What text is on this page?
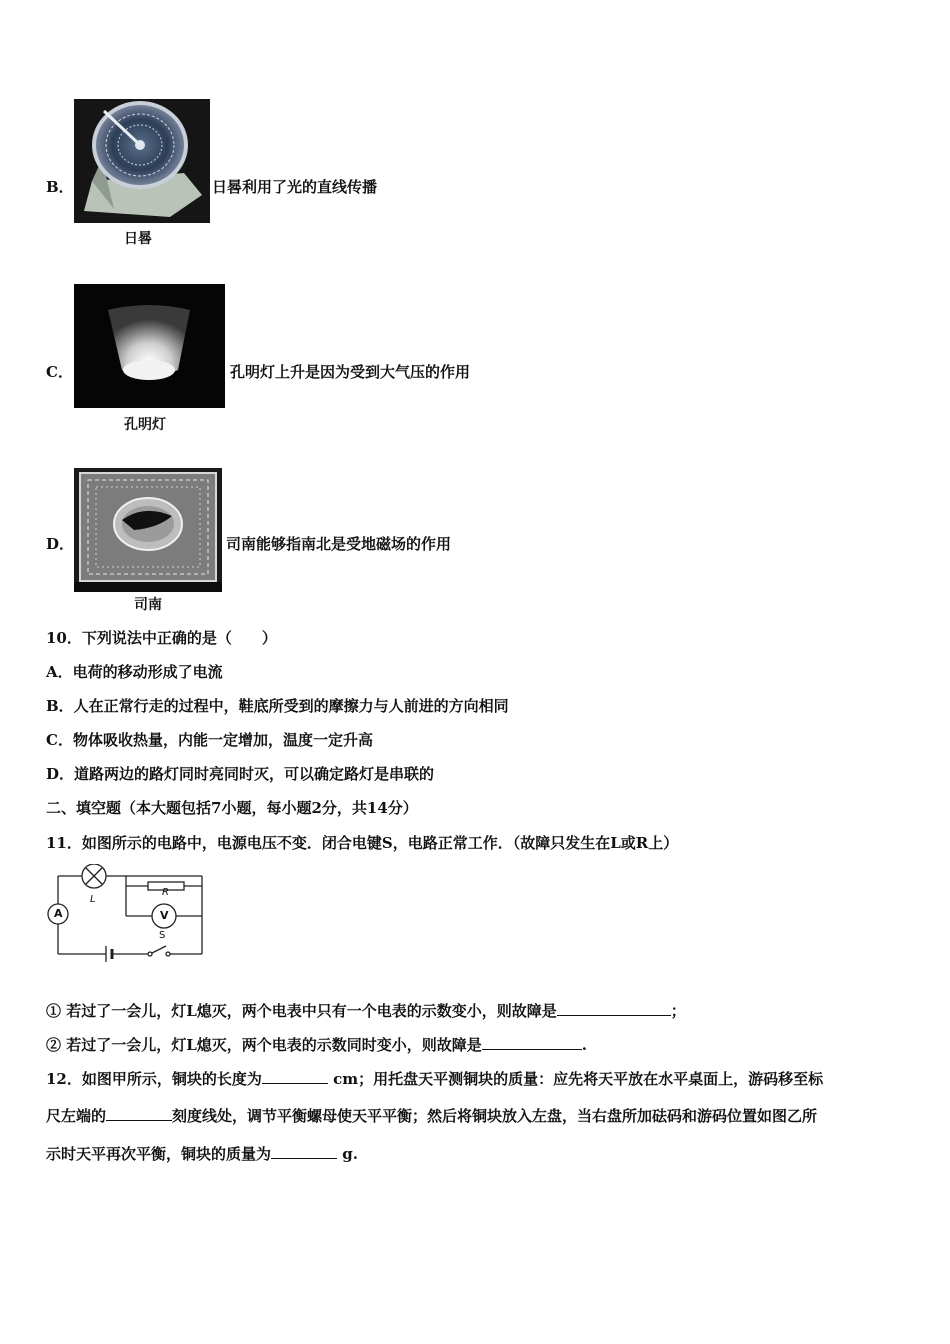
B．	日晷利用了光的直线传播
日晷
C．	孔明灯上升是因为受到大气压的作用
孔明灯
D．	司南能够指南北是受地磁场的作用
司南
10．下列说法中正确的是（　　）
A．电荷的移动形成了电流
B．人在正常行走的过程中，鞋底所受到的摩擦力与人前进的方向相同
C．物体吸收热量，内能一定增加，温度一定升高
D．道路两边的路灯同时亮同时灭，可以确定路灯是串联的
二、填空题（本大题包括7小题，每小题2分，共14分）
11．如图所示的电路中，电源电压不变．闭合电键S，电路正常工作．（故障只发生在L或R上）
A
L
R
V
S
① 若过了一会儿，灯L熄灭，两个电表中只有一个电表的示数变小，则故障是	；
② 若过了一会儿，灯L熄灭，两个电表的示数同时变小，则故障是	.
12．如图甲所示，铜块的长度为	cm；用托盘天平测铜块的质量：应先将天平放在水平桌面上，游码移至标
尺左端的	刻度线处，调节平衡螺母使天平平衡；然后将铜块放入左盘，当右盘所加砝码和游码位置如图乙所
示时天平再次平衡，铜块的质量为	g.
